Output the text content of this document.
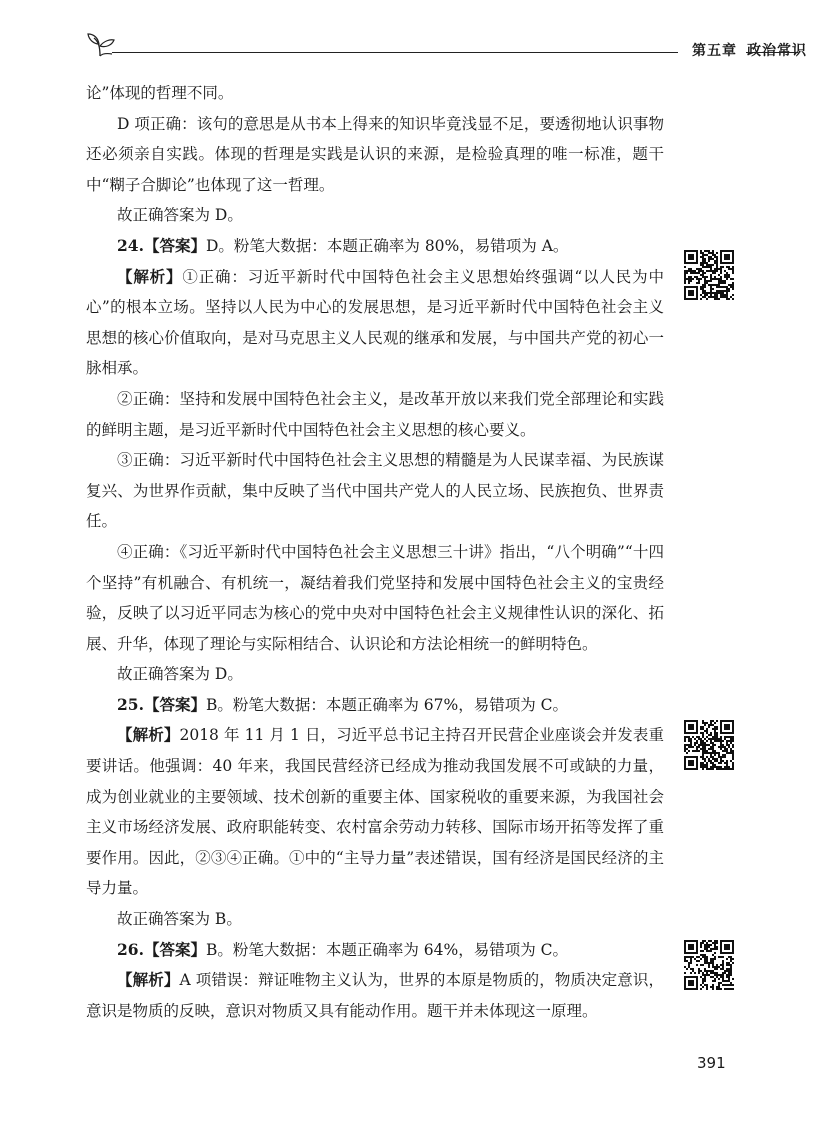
第五章 政治常识

论”体现的哲理不同。

D 项正确：该句的意思是从书本上得来的知识毕竟浅显不足，要透彻地认识事物还必须亲自实践。体现的哲理是实践是认识的来源，是检验真理的唯一标准，题干中“糊子合脚论”也体现了这一哲理。

故正确答案为 D。

24.【答案】D。粉笔大数据：本题正确率为 80%，易错项为 A。

【解析】①正确：习近平新时代中国特色社会主义思想始终强调“以人民为中心”的根本立场。坚持以人民为中心的发展思想，是习近平新时代中国特色社会主义思想的核心价值取向，是对马克思主义人民观的继承和发展，与中国共产党的初心一脉相承。

②正确：坚持和发展中国特色社会主义，是改革开放以来我们党全部理论和实践的鲜明主题，是习近平新时代中国特色社会主义思想的核心要义。

③正确：习近平新时代中国特色社会主义思想的精髓是为人民谋幸福、为民族谋复兴、为世界作贡献，集中反映了当代中国共产党人的人民立场、民族抱负、世界责任。

④正确：《习近平新时代中国特色社会主义思想三十讲》指出，“八个明确”“十四个坚持”有机融合、有机统一，凝结着我们党坚持和发展中国特色社会主义的宝贵经验，反映了以习近平同志为核心的党中央对中国特色社会主义规律性认识的深化、拓展、升华，体现了理论与实际相结合、认识论和方法论相统一的鲜明特色。

故正确答案为 D。

25.【答案】B。粉笔大数据：本题正确率为 67%，易错项为 C。

【解析】2018 年 11 月 1 日，习近平总书记主持召开民营企业座谈会并发表重要讲话。他强调：40 年来，我国民营经济已经成为推动我国发展不可或缺的力量，成为创业就业的主要领域、技术创新的重要主体、国家税收的重要来源，为我国社会主义市场经济发展、政府职能转变、农村富余劳动力转移、国际市场开拓等发挥了重要作用。因此，②③④正确。①中的“主导力量”表述错误，国有经济是国民经济的主导力量。

故正确答案为 B。

26.【答案】B。粉笔大数据：本题正确率为 64%，易错项为 C。

【解析】A 项错误：辩证唯物主义认为，世界的本原是物质的，物质决定意识，意识是物质的反映，意识对物质又具有能动作用。题干并未体现这一原理。

391
